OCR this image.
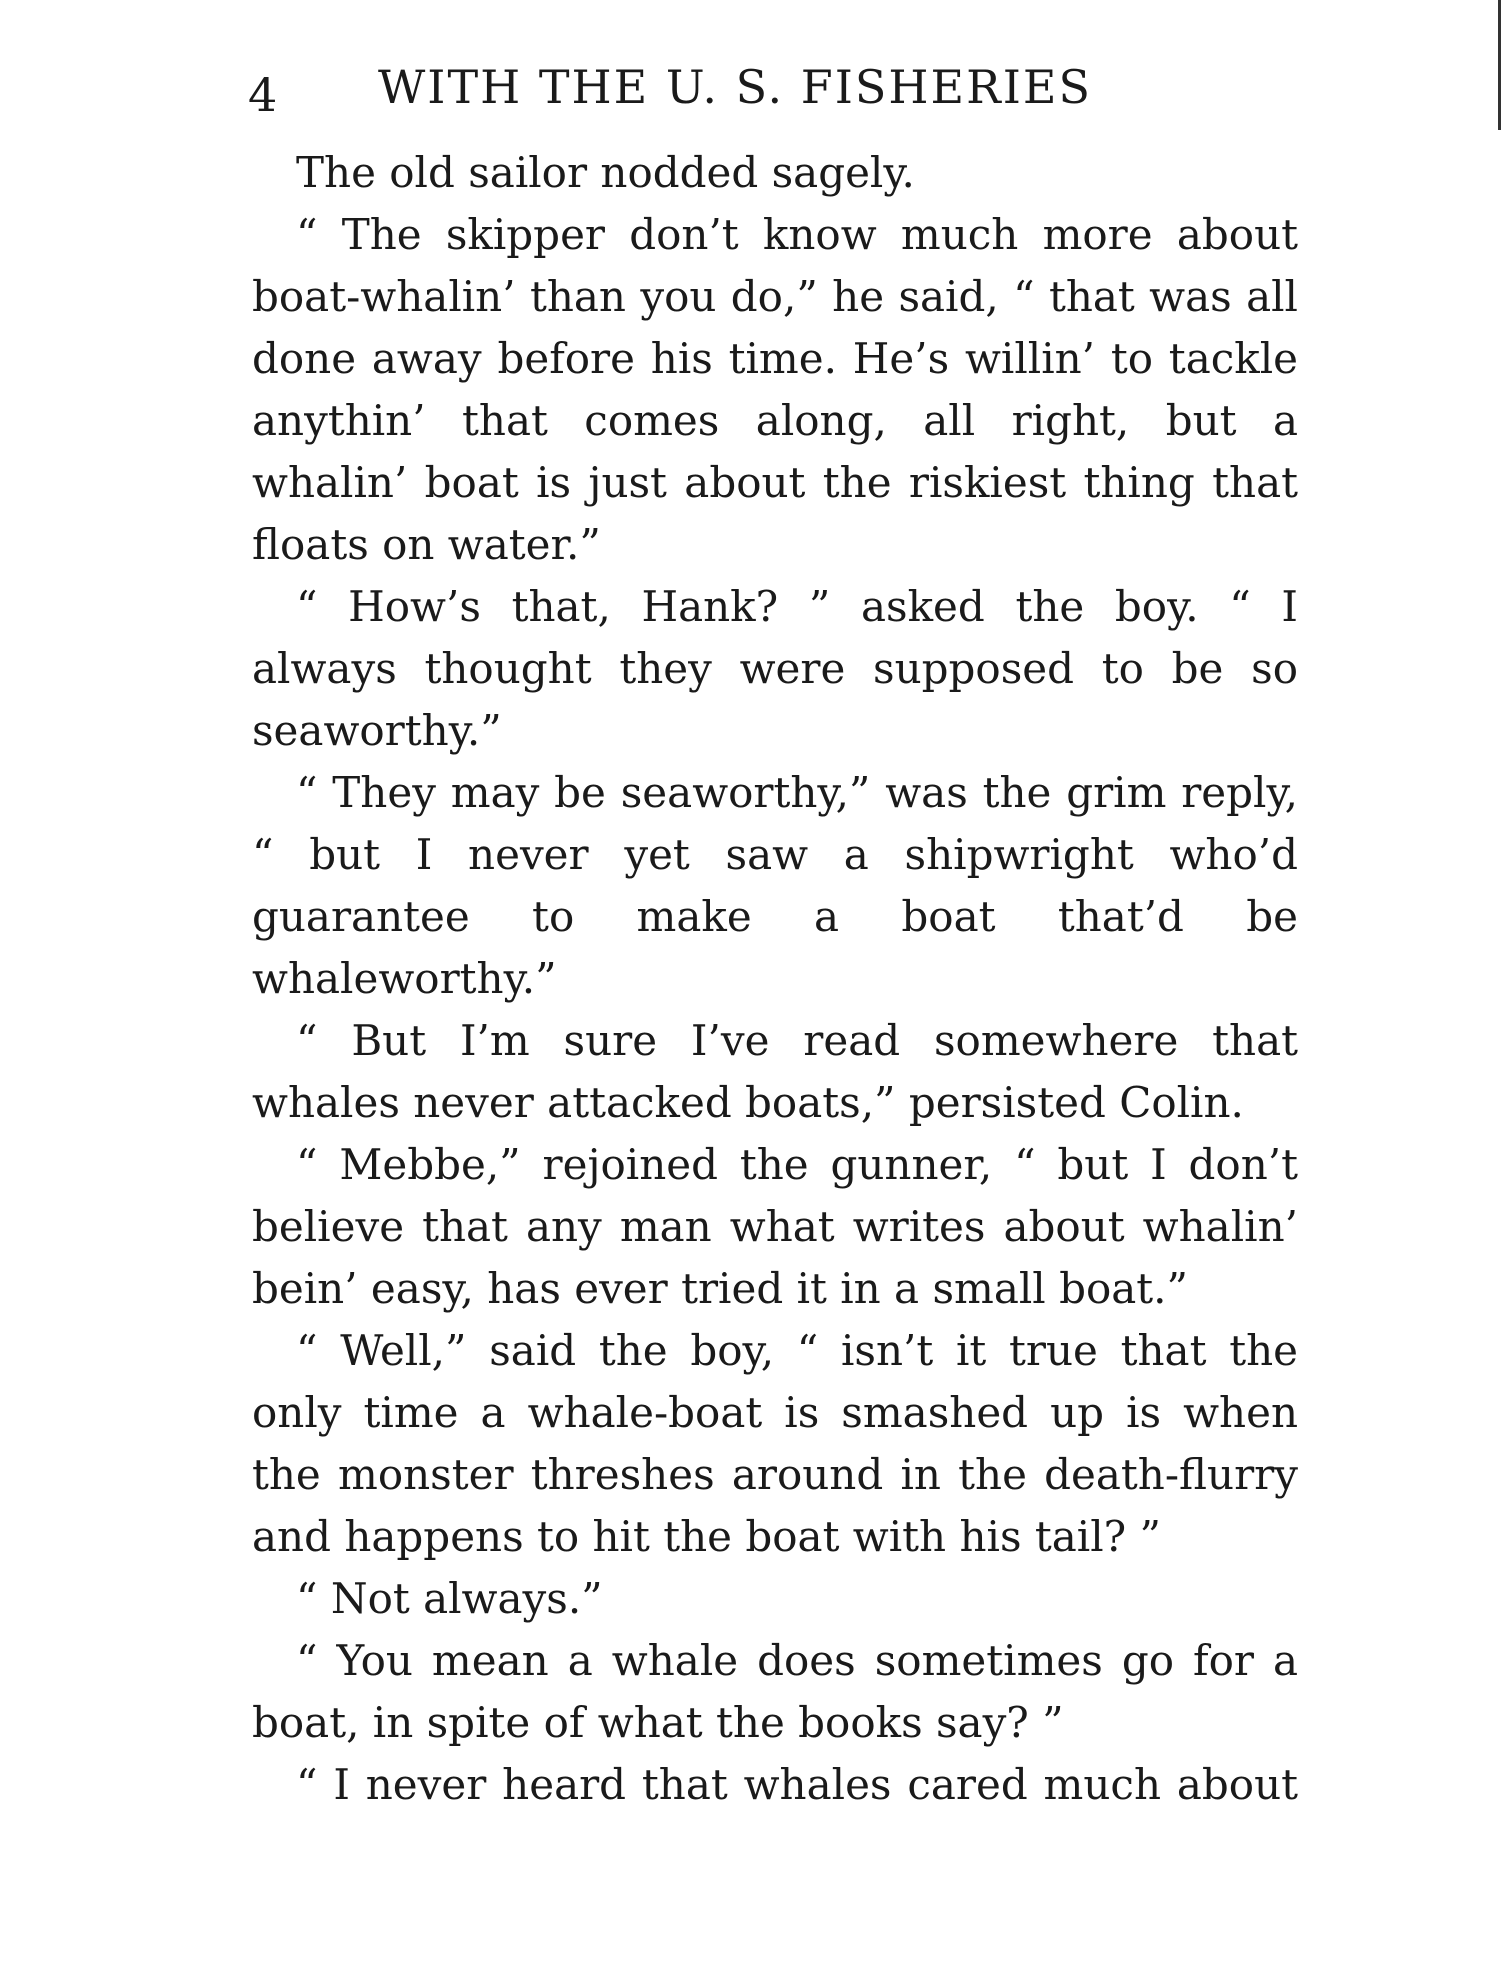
4 WITH THE U. S. FISHERIES

The old sailor nodded sagely.

“ The skipper don’t know much more about boat-whalin’ than you do,” he said, “ that was all done away before his time. He’s willin’ to tackle anythin’ that comes along, all right, but a whalin’ boat is just about the riskiest thing that floats on water.”

“ How’s that, Hank? ” asked the boy. “ I always thought they were supposed to be so seaworthy.”

“ They may be seaworthy,” was the grim reply, “ but I never yet saw a shipwright who’d guarantee to make a boat that’d be whaleworthy.”

“ But I’m sure I’ve read somewhere that whales never attacked boats,” persisted Colin.

“ Mebbe,” rejoined the gunner, “ but I don’t believe that any man what writes about whalin’ bein’ easy, has ever tried it in a small boat.”

“ Well,” said the boy, “ isn’t it true that the only time a whale-boat is smashed up is when the monster threshes around in the death-flurry and happens to hit the boat with his tail? ”

“ Not always.”

“ You mean a whale does sometimes go for a boat, in spite of what the books say? ”

“ I never heard that whales cared much about
